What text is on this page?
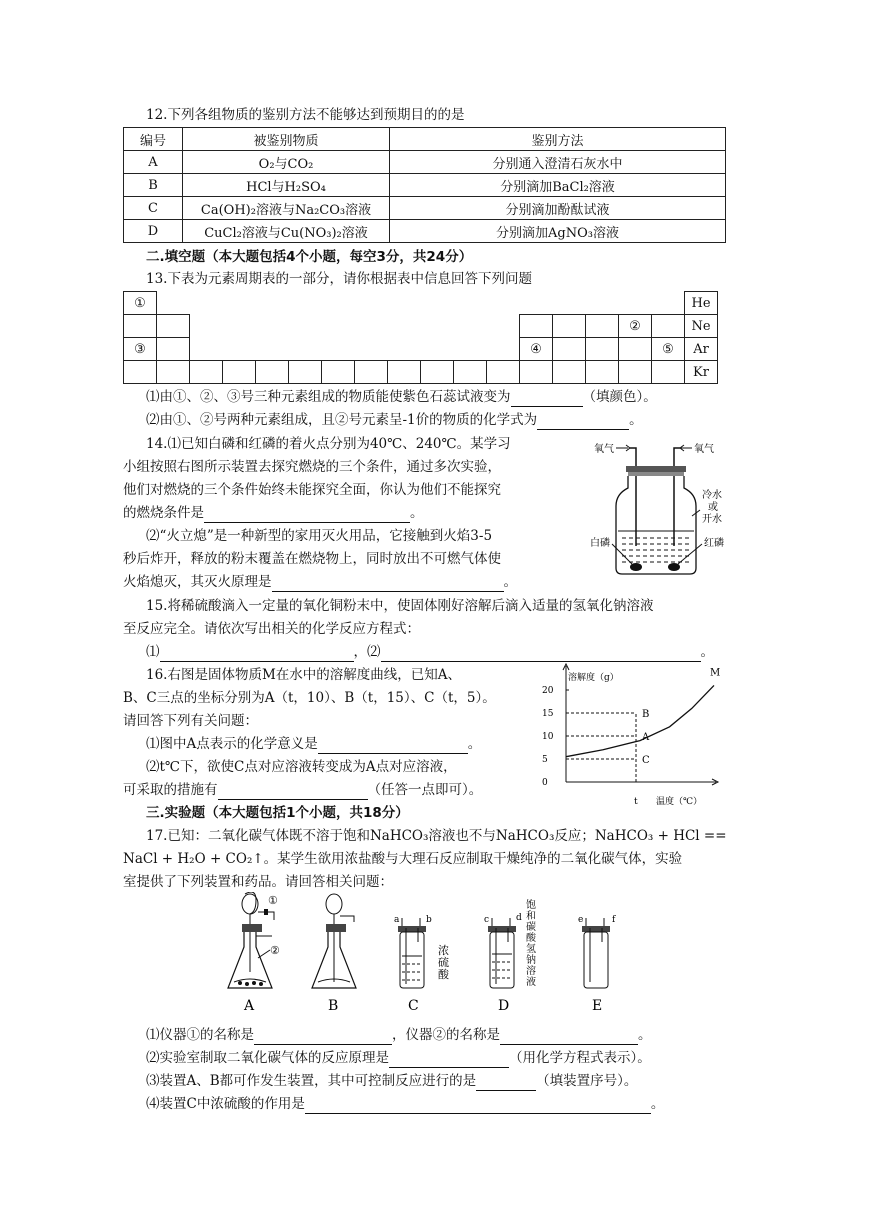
12.下列各组物质的鉴别方法不能够达到预期目的的是
编号	被鉴别物质	鉴别方法
A	O₂与CO₂	分别通入澄清石灰水中
B	HCl与H₂SO₄	分别滴加BaCl₂溶液
C	Ca(OH)₂溶液与Na₂CO₃溶液	分别滴加酚酞试液
D	CuCl₂溶液与Cu(NO₃)₂溶液	分别滴加AgNO₃溶液
二.填空题（本大题包括4个小题，每空3分，共24分）
13.下表为元素周期表的一部分，请你根据表中信息回答下列问题
①																	He
															②		Ne
③												④				⑤	Ar
																	Kr
⑴由①、②、③号三种元素组成的物质能使紫色石蕊试液变为	（填颜色）。
⑵由①、②号两种元素组成，且②号元素呈-1价的物质的化学式为	。
14.⑴已知白磷和红磷的着火点分别为40℃、240℃。某学习
小组按照右图所示装置去探究燃烧的三个条件，通过多次实验，
他们对燃烧的三个条件始终未能探究全面，你认为他们不能探究
的燃烧条件是	。
⑵“火立熄”是一种新型的家用灭火用品，它接触到火焰3-5
秒后炸开，释放的粉末覆盖在燃烧物上，同时放出不可燃气体使
火焰熄灭，其灭火原理是	。
氧气	氧气
冷水
或
开水
白磷	红磷
15.将稀硫酸滴入一定量的氧化铜粉末中，使固体刚好溶解后滴入适量的氢氧化钠溶液
至反应完全。请依次写出相关的化学反应方程式：
⑴	，⑵	。
16.右图是固体物质M在水中的溶解度曲线，已知A、
B、C三点的坐标分别为A（t，10）、B（t，15）、C（t，5）。
请回答下列有关问题：
⑴图中A点表示的化学意义是	。
⑵t℃下，欲使C点对应溶液转变成为A点对应溶液，
可采取的措施有	（任答一点即可）。
溶解度（g）
温度（℃）
0
5
10
15
20
t
A
B
C
M
三.实验题（本大题包括1个小题，共18分）
17.已知：二氧化碳气体既不溶于饱和NaHCO₃溶液也不与NaHCO₃反应；NaHCO₃ + HCl ==
NaCl + H₂O + CO₂↑。某学生欲用浓盐酸与大理石反应制取干燥纯净的二氧化碳气体，实验
室提供了下列装置和药品。请回答相关问题：
①
②
A	B
a	b
浓
硫
酸
C
c	d
饱
和
碳
酸
氢
钠
溶
液
D
e	f
E
⑴仪器①的名称是	，仪器②的名称是	。
⑵实验室制取二氧化碳气体的反应原理是	（用化学方程式表示）。
⑶装置A、B都可作发生装置，其中可控制反应进行的是	（填装置序号）。
⑷装置C中浓硫酸的作用是	。
